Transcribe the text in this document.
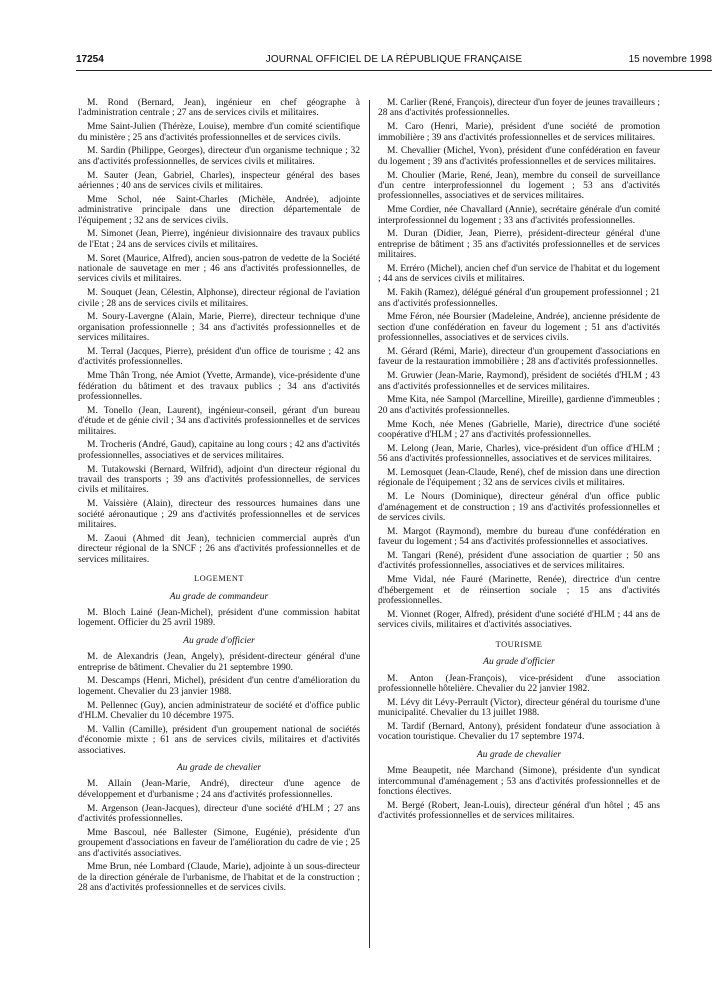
17254	JOURNAL OFFICIEL DE LA RÉPUBLIQUE FRANÇAISE	15 novembre 1998

M. Rond (Bernard, Jean), ingénieur en chef géographe à l'administration centrale ; 27 ans de services civils et militaires.

Mme Saint-Julien (Thérèze, Louise), membre d'un comité scientifique du ministère ; 25 ans d'activités professionnelles et de services civils.

M. Sardin (Philippe, Georges), directeur d'un organisme technique ; 32 ans d'activités professionnelles, de services civils et militaires.

M. Sauter (Jean, Gabriel, Charles), inspecteur général des bases aériennes ; 40 ans de services civils et militaires.

Mme Schol, née Saint-Charles (Michèle, Andrée), adjointe administrative principale dans une direction départementale de l'équipement ; 32 ans de services civils.

M. Simonet (Jean, Pierre), ingénieur divisionnaire des travaux publics de l'Etat ; 24 ans de services civils et militaires.

M. Soret (Maurice, Alfred), ancien sous-patron de vedette de la Société nationale de sauvetage en mer ; 46 ans d'activités professionnelles, de services civils et militaires.

M. Souquet (Jean, Célestin, Alphonse), directeur régional de l'aviation civile ; 28 ans de services civils et militaires.

M. Soury-Lavergne (Alain, Marie, Pierre), directeur technique d'une organisation professionnelle ; 34 ans d'activités professionnelles et de services militaires.

M. Terral (Jacques, Pierre), président d'un office de tourisme ; 42 ans d'activités professionnelles.

Mme Thân Trong, née Amiot (Yvette, Armande), vice-présidente d'une fédération du bâtiment et des travaux publics ; 34 ans d'activités professionnelles.

M. Tonello (Jean, Laurent), ingénieur-conseil, gérant d'un bureau d'étude et de génie civil ; 34 ans d'activités professionnelles et de services militaires.

M. Trocheris (André, Gaud), capitaine au long cours ; 42 ans d'activités professionnelles, associatives et de services militaires.

M. Tutakowski (Bernard, Wilfrid), adjoint d'un directeur régional du travail des transports ; 39 ans d'activités professionnelles, de services civils et militaires.

M. Vaissière (Alain), directeur des ressources humaines dans une société aéronautique ; 29 ans d'activités professionnelles et de services militaires.

M. Zaoui (Ahmed dit Jean), technicien commercial auprès d'un directeur régional de la SNCF ; 26 ans d'activités professionnelles et de services militaires.

LOGEMENT
Au grade de commandeur

M. Bloch Lainé (Jean-Michel), président d'une commission habitat logement. Officier du 25 avril 1989.

Au grade d'officier

M. de Alexandris (Jean, Angely), président-directeur général d'une entreprise de bâtiment. Chevalier du 21 septembre 1990.

M. Descamps (Henri, Michel), président d'un centre d'amélioration du logement. Chevalier du 23 janvier 1988.

M. Pellennec (Guy), ancien administrateur de société et d'office public d'HLM. Chevalier du 10 décembre 1975.

M. Vallin (Camille), président d'un groupement national de sociétés d'économie mixte ; 61 ans de services civils, militaires et d'activités associatives.

Au grade de chevalier

M. Allain (Jean-Marie, André), directeur d'une agence de développement et d'urbanisme ; 24 ans d'activités professionnelles.

M. Argenson (Jean-Jacques), directeur d'une société d'HLM ; 27 ans d'activités professionnelles.

Mme Bascoul, née Ballester (Simone, Eugénie), présidente d'un groupement d'associations en faveur de l'amélioration du cadre de vie ; 25 ans d'activités associatives.

Mme Brun, née Lombard (Claude, Marie), adjointe à un sous-directeur de la direction générale de l'urbanisme, de l'habitat et de la construction ; 28 ans d'activités professionnelles et de services civils.

M. Carlier (René, François), directeur d'un foyer de jeunes travailleurs ; 28 ans d'activités professionnelles.

M. Caro (Henri, Marie), président d'une société de promotion immobilière ; 39 ans d'activités professionnelles et de services militaires.

M. Chevallier (Michel, Yvon), président d'une confédération en faveur du logement ; 39 ans d'activités professionnelles et de services militaires.

M. Choulier (Marie, René, Jean), membre du conseil de surveillance d'un centre interprofessionnel du logement ; 53 ans d'activités professionnelles, associatives et de services militaires.

Mme Cordier, née Chavallard (Annie), secrétaire générale d'un comité interprofessionnel du logement ; 33 ans d'activités professionnelles.

M. Duran (Didier, Jean, Pierre), président-directeur général d'une entreprise de bâtiment ; 35 ans d'activités professionnelles et de services militaires.

M. Erréro (Michel), ancien chef d'un service de l'habitat et du logement ; 44 ans de services civils et militaires.

M. Fakih (Ramez), délégué général d'un groupement professionnel ; 21 ans d'activités professionnelles.

Mme Féron, née Boursier (Madeleine, Andrée), ancienne présidente de section d'une confédération en faveur du logement ; 51 ans d'activités professionnelles, associatives et de services civils.

M. Gérard (Rémi, Marie), directeur d'un groupement d'associations en faveur de la restauration immobilière ; 28 ans d'activités professionnelles.

M. Gruwier (Jean-Marie, Raymond), président de sociétés d'HLM ; 43 ans d'activités professionnelles et de services militaires.

Mme Kita, née Sampol (Marcelline, Mireille), gardienne d'immeubles ; 20 ans d'activités professionnelles.

Mme Koch, née Menes (Gabrielle, Marie), directrice d'une société coopérative d'HLM ; 27 ans d'activités professionnelles.

M. Lelong (Jean, Marie, Charles), vice-président d'un office d'HLM ; 56 ans d'activités professionnelles, associatives et de services militaires.

M. Lemosquet (Jean-Claude, René), chef de mission dans une direction régionale de l'équipement ; 32 ans de services civils et militaires.

M. Le Nours (Dominique), directeur général d'un office public d'aménagement et de construction ; 19 ans d'activités professionnelles et de services civils.

M. Margot (Raymond), membre du bureau d'une confédération en faveur du logement ; 54 ans d'activités professionnelles et associatives.

M. Tangari (René), président d'une association de quartier ; 50 ans d'activités professionnelles, associatives et de services militaires.

Mme Vidal, née Fauré (Marinette, Renée), directrice d'un centre d'hébergement et de réinsertion sociale ; 15 ans d'activités professionnelles.

M. Vionnet (Roger, Alfred), président d'une société d'HLM ; 44 ans de services civils, militaires et d'activités associatives.

TOURISME
Au grade d'officier

M. Anton (Jean-François), vice-président d'une association professionnelle hôtelière. Chevalier du 22 janvier 1982.

M. Lévy dit Lévy-Perrault (Victor), directeur général du tourisme d'une municipalité. Chevalier du 13 juillet 1988.

M. Tardif (Bernard, Antony), président fondateur d'une association à vocation touristique. Chevalier du 17 septembre 1974.

Au grade de chevalier

Mme Beaupetit, née Marchand (Simone), présidente d'un syndicat intercommunal d'aménagement ; 53 ans d'activités professionnelles et de fonctions électives.

M. Bergé (Robert, Jean-Louis), directeur général d'un hôtel ; 45 ans d'activités professionnelles et de services militaires.
